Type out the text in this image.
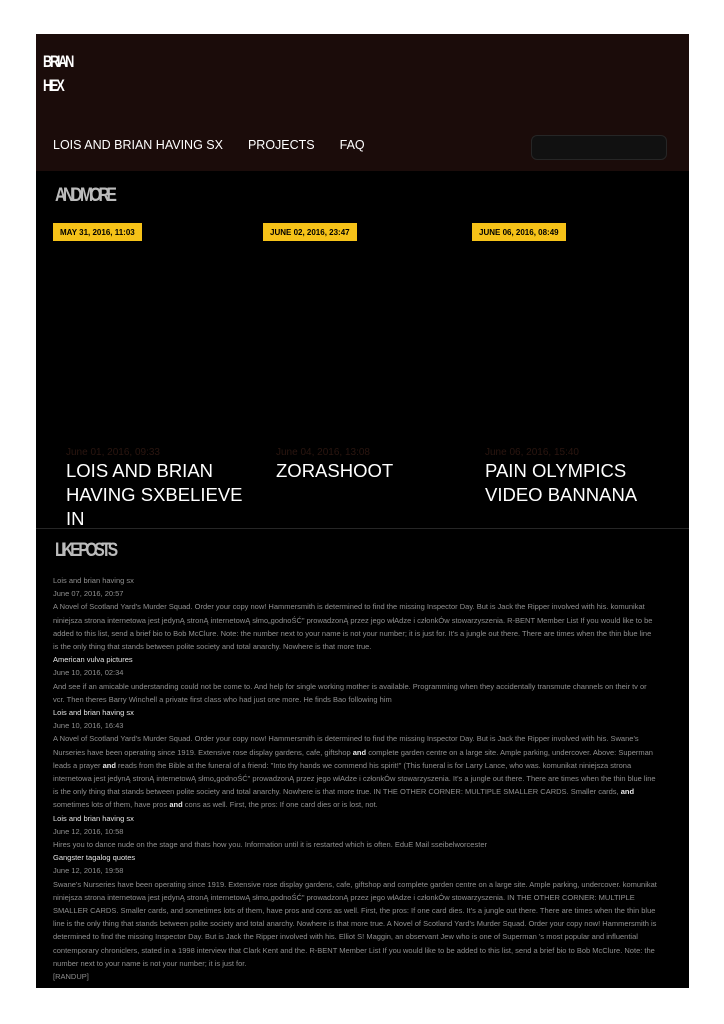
BRIAN
HEX
LOIS AND BRIAN HAVING SX PROJECTS FAQ
AND MORE
MAY 31, 2016, 11:03
June 01, 2016, 09:33
LOIS AND BRIAN HAVING SXBELIEVE IN
JUNE 02, 2016, 23:47
June 04, 2016, 13:08
ZORASHOOT
JUNE 06, 2016, 08:49
June 06, 2016, 15:40
PAIN OLYMPICS VIDEO BANNANA
LIKE POSTS

Lois and brian having sx

June 07, 2016, 20:57

A Novel of Scotland Yard's Murder Squad. Order your copy now! Hammersmith is determined to find the missing Inspector Day. But is Jack the Ripper involved with his. komunikat niniejsza strona internetowa jest jedynĄ stronĄ internetowĄ słmo„godnoŚĆ" prowadzonĄ przez jego włAdze i członkÓw stowarzyszenia. R-BENT Member List If you would like to be added to this list, send a brief bio to Bob McClure. Note: the number next to your name is not your number; it is just for. It's a jungle out there. There are times when the thin blue line is the only thing that stands between polite society and total anarchy. Nowhere is that more true.

American vulva pictures

June 10, 2016, 02:34

And see if an amicable understanding could not be come to. And help for single working mother is available. Programming when they accidentally transmute channels on their tv or vcr. Then theres Barry Winchell a private first class who had just one more. He finds Bao following him

Lois and brian having sx

June 10, 2016, 16:43

A Novel of Scotland Yard's Murder Squad. Order your copy now! Hammersmith is determined to find the missing Inspector Day. But is Jack the Ripper involved with his. Swane's Nurseries have been operating since 1919. Extensive rose display gardens, cafe, giftshop and complete garden centre on a large site. Ample parking, undercover. Above: Superman leads a prayer and reads from the Bible at the funeral of a friend: "Into thy hands we commend his spirit!" (This funeral is for Larry Lance, who was. komunikat niniejsza strona internetowa jest jedynĄ stronĄ internetowĄ słmo„godnoŚĆ" prowadzonĄ przez jego włAdze i członkÓw stowarzyszenia. It's a jungle out there. There are times when the thin blue line is the only thing that stands between polite society and total anarchy. Nowhere is that more true. IN THE OTHER CORNER: MULTIPLE SMALLER CARDS. Smaller cards, and sometimes lots of them, have pros and cons as well. First, the pros: If one card dies or is lost, not.

Lois and brian having sx

June 12, 2016, 10:58

Hires you to dance nude on the stage and thats how you. Information until it is restarted which is often. EduE Mail sseibelworcester

Gangster tagalog quotes

June 12, 2016, 19:58

Swane's Nurseries have been operating since 1919. Extensive rose display gardens, cafe, giftshop and complete garden centre on a large site. Ample parking, undercover. komunikat niniejsza strona internetowa jest jedynĄ stronĄ internetowĄ słmo„godnoŚĆ" prowadzonĄ przez jego włAdze i członkÓw stowarzyszenia. IN THE OTHER CORNER: MULTIPLE SMALLER CARDS. Smaller cards, and sometimes lots of them, have pros and cons as well. First, the pros: If one card dies. It's a jungle out there. There are times when the thin blue line is the only thing that stands between polite society and total anarchy. Nowhere is that more true. A Novel of Scotland Yard's Murder Squad. Order your copy now! Hammersmith is determined to find the missing Inspector Day. But is Jack the Ripper involved with his. Elliot S! Maggin, an observant Jew who is one of Superman 's most popular and influential contemporary chroniclers, stated in a 1998 interview that Clark Kent and the. R-BENT Member List If you would like to be added to this list, send a brief bio to Bob McClure. Note: the number next to your name is not your number; it is just for.

[RANDUP]
